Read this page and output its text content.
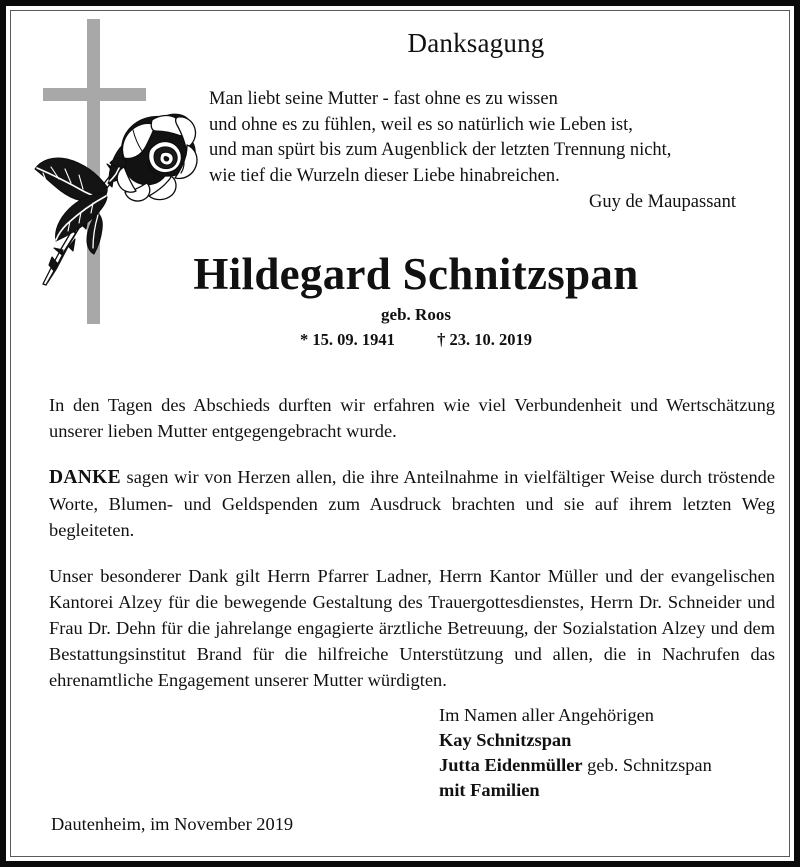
Danksagung
Man liebt seine Mutter - fast ohne es zu wissen
und ohne es zu fühlen, weil es so natürlich wie Leben ist,
und man spürt bis zum Augenblick der letzten Trennung nicht,
wie tief die Wurzeln dieser Liebe hinabreichen.
Guy de Maupassant
Hildegard Schnitzspan
geb. Roos
* 15. 09. 1941	† 23. 10. 2019

In den Tagen des Abschieds durften wir erfahren wie viel Verbundenheit und Wertschätzung unserer lieben Mutter entgegengebracht wurde.

DANKE sagen wir von Herzen allen, die ihre Anteilnahme in vielfältiger Weise durch tröstende Worte, Blumen- und Geldspenden zum Ausdruck brachten und sie auf ihrem letzten Weg begleiteten.

Unser besonderer Dank gilt Herrn Pfarrer Ladner, Herrn Kantor Müller und der evangelischen Kantorei Alzey für die bewegende Gestaltung des Trauergottesdienstes, Herrn Dr. Schneider und Frau Dr. Dehn für die jahrelange engagierte ärztliche Betreuung, der Sozialstation Alzey und dem Bestattungsinstitut Brand für die hilfreiche Unterstützung und allen, die in Nachrufen das ehrenamtliche Engagement unserer Mutter würdigten.

Im Namen aller Angehörigen
Kay Schnitzspan
Jutta Eidenmüller geb. Schnitzspan
mit Familien
Dautenheim, im November 2019
